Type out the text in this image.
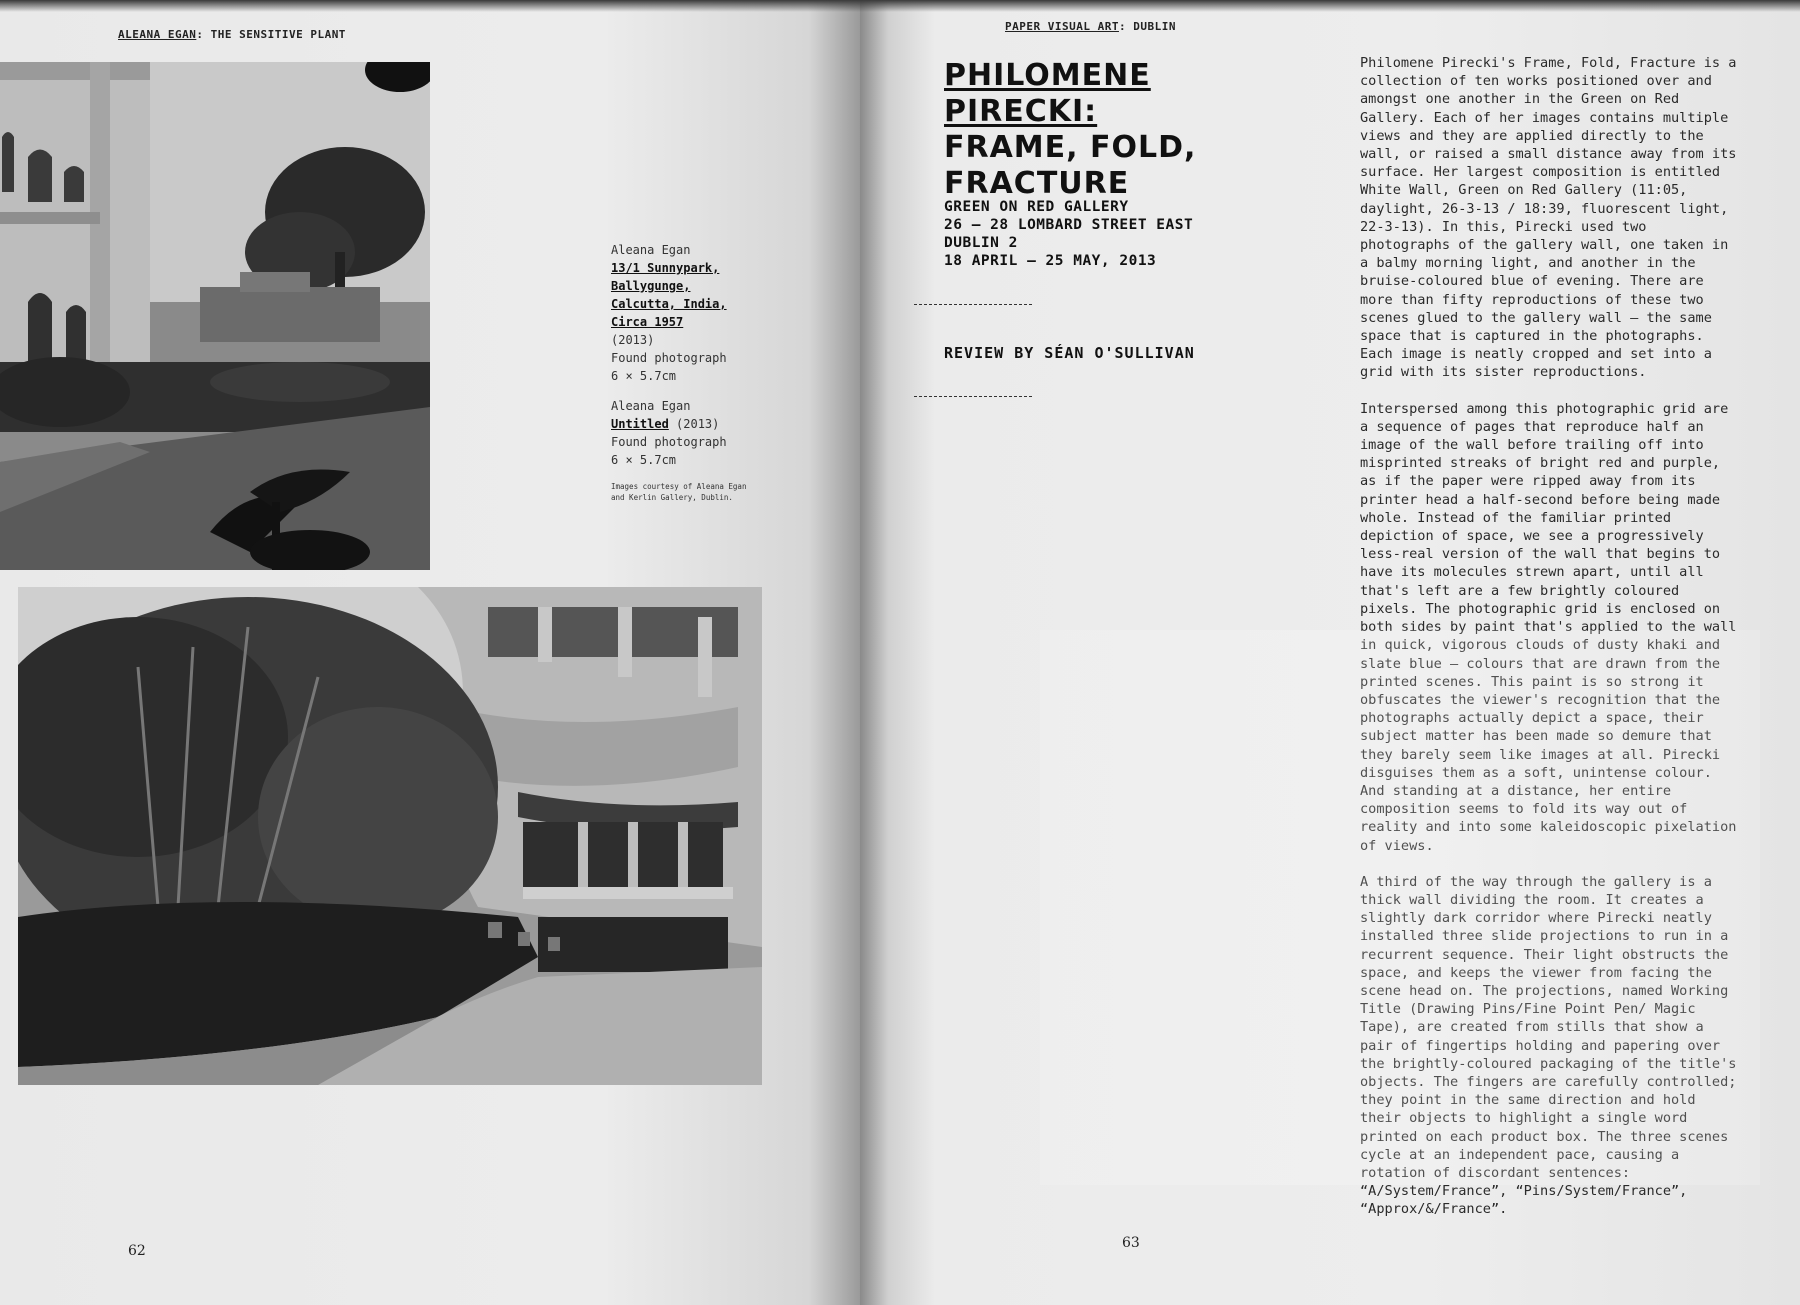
ALEANA EGAN: THE SENSITIVE PLANT
Aleana Egan
13/1 Sunnypark, Ballygunge, Calcutta, India, Circa 1957 (2013)
Found photograph
6 × 5.7cm
Aleana Egan
Untitled (2013)
Found photograph
6 × 5.7cm
Images courtesy of Aleana Egan and Kerlin Gallery, Dublin.
62
PAPER VISUAL ART: DUBLIN
PHILOMENE PIRECKI:
FRAME, FOLD,
FRACTURE
GREEN ON RED GALLERY
26 – 28 LOMBARD STREET EAST
DUBLIN 2
18 APRIL – 25 MAY, 2013
REVIEW BY SÉAN O'SULLIVAN

Philomene Pirecki's Frame, Fold, Fracture is a collection of ten works positioned over and amongst one another in the Green on Red Gallery. Each of her images contains multiple views and they are applied directly to the wall, or raised a small distance away from its surface. Her largest composition is entitled White Wall, Green on Red Gallery (11:05, daylight, 26-3-13 / 18:39, fluorescent light, 22-3-13). In this, Pirecki used two photographs of the gallery wall, one taken in a balmy morning light, and another in the bruise-coloured blue of evening. There are more than fifty reproductions of these two scenes glued to the gallery wall – the same space that is captured in the photographs. Each image is neatly cropped and set into a grid with its sister reproductions.

Interspersed among this photographic grid are a sequence of pages that reproduce half an image of the wall before trailing off into misprinted streaks of bright red and purple, as if the paper were ripped away from its printer head a half-second before being made whole. Instead of the familiar printed depiction of space, we see a progressively less-real version of the wall that begins to have its molecules strewn apart, until all that's left are a few brightly coloured pixels. The photographic grid is enclosed on both sides by paint that's applied to the wall in quick, vigorous clouds of dusty khaki and slate blue – colours that are drawn from the printed scenes. This paint is so strong it obfuscates the viewer's recognition that the photographs actually depict a space, their subject matter has been made so demure that they barely seem like images at all. Pirecki disguises them as a soft, unintense colour. And standing at a distance, her entire composition seems to fold its way out of reality and into some kaleidoscopic pixelation of views.

A third of the way through the gallery is a thick wall dividing the room. It creates a slightly dark corridor where Pirecki neatly installed three slide projections to run in a recurrent sequence. Their light obstructs the space, and keeps the viewer from facing the scene head on. The projections, named Working Title (Drawing Pins/Fine Point Pen/ Magic Tape), are created from stills that show a pair of fingertips holding and papering over the brightly-coloured packaging of the title's objects. The fingers are carefully controlled; they point in the same direction and hold their objects to highlight a single word printed on each product box. The three scenes cycle at an independent pace, causing a rotation of discordant sentences: “A/System/France”, “Pins/System/France”, “Approx/&/France”.

63
